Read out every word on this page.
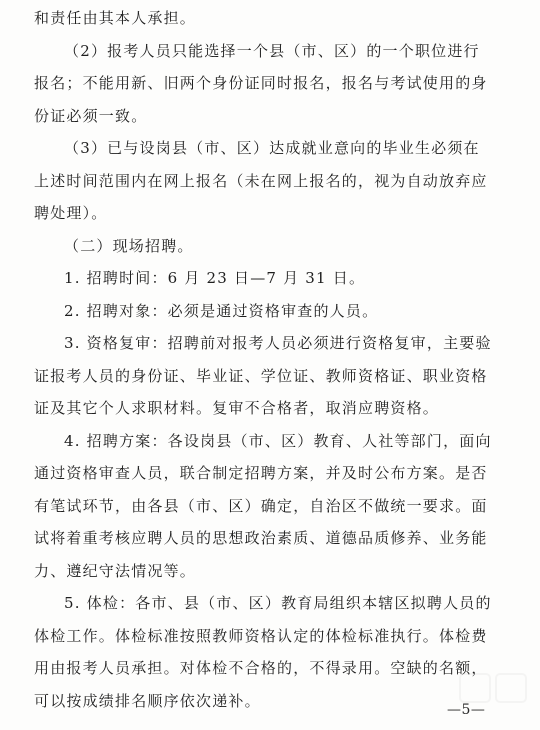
和责任由其本人承担。

（2）报考人员只能选择一个县（市、区）的一个职位进行
报名；不能用新、旧两个身份证同时报名，报名与考试使用的身
份证必须一致。

（3）已与设岗县（市、区）达成就业意向的毕业生必须在
上述时间范围内在网上报名（未在网上报名的，视为自动放弃应
聘处理）。

（二）现场招聘。

1. 招聘时间：6 月 23 日—7 月 31 日。

2. 招聘对象：必须是通过资格审查的人员。

3. 资格复审：招聘前对报考人员必须进行资格复审，主要验
证报考人员的身份证、毕业证、学位证、教师资格证、职业资格
证及其它个人求职材料。复审不合格者，取消应聘资格。

4. 招聘方案：各设岗县（市、区）教育、人社等部门，面向
通过资格审查人员，联合制定招聘方案，并及时公布方案。是否
有笔试环节，由各县（市、区）确定，自治区不做统一要求。面
试将着重考核应聘人员的思想政治素质、道德品质修养、业务能
力、遵纪守法情况等。

5. 体检：各市、县（市、区）教育局组织本辖区拟聘人员的
体检工作。体检标准按照教师资格认定的体检标准执行。体检费
用由报考人员承担。对体检不合格的，不得录用。空缺的名额，
可以按成绩排名顺序依次递补。

—5—
